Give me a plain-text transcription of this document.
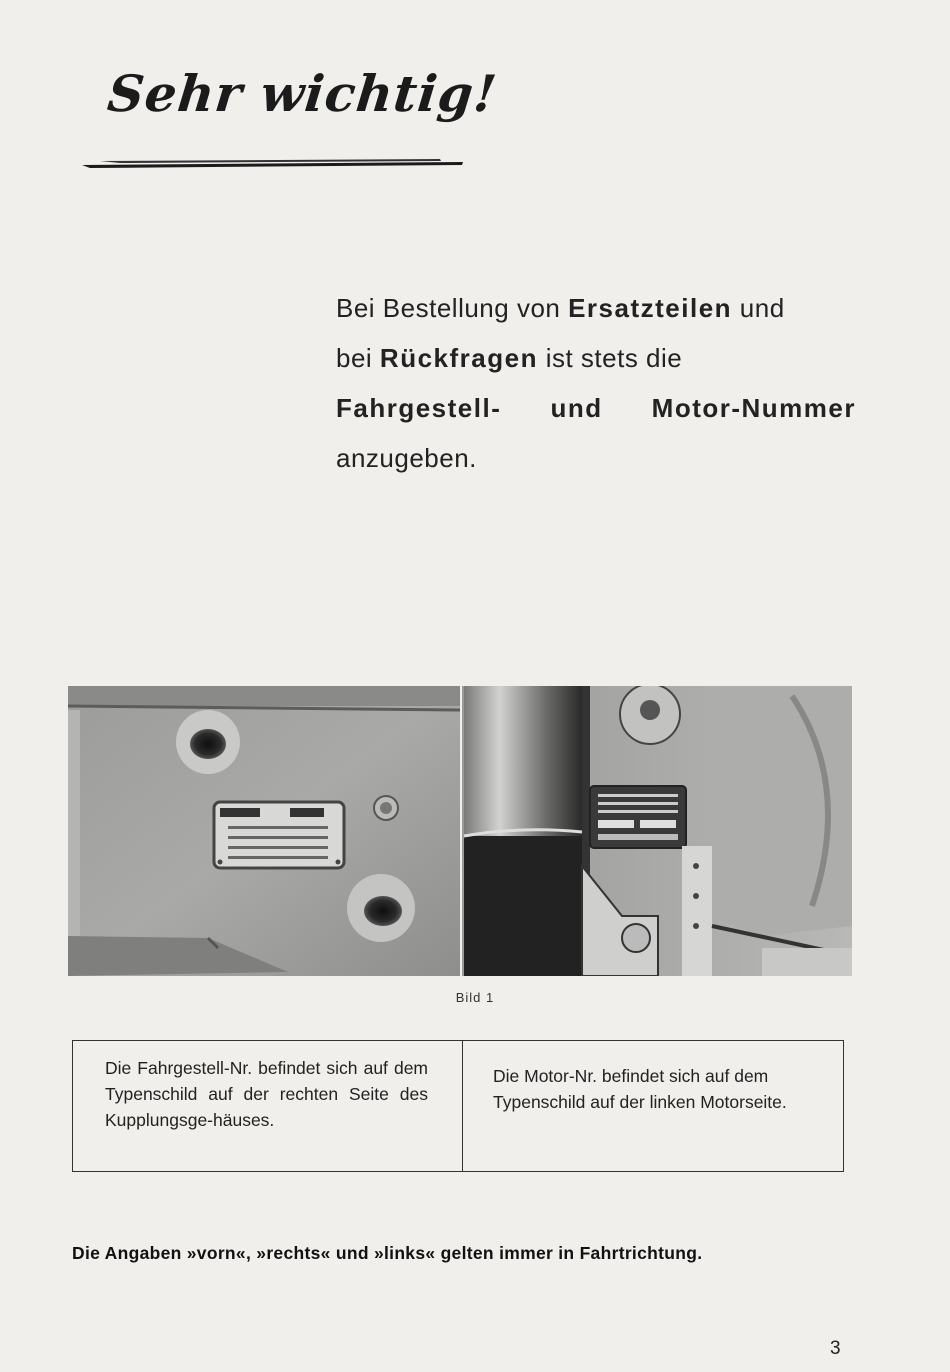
Sehr wichtig!
Bei Bestellung von Ersatzteilen und
bei Rückfragen ist stets die
Fahrgestell- und Motor-Nummer
anzugeben.
Bild 1
Die Fahrgestell-Nr. befindet sich auf dem Typenschild auf der rechten Seite des Kupplungsge-häuses.
Die Motor-Nr. befindet sich auf dem Typenschild auf der linken Motorseite.
Die Angaben »vorn«, »rechts« und »links« gelten immer in Fahrtrichtung.
3
